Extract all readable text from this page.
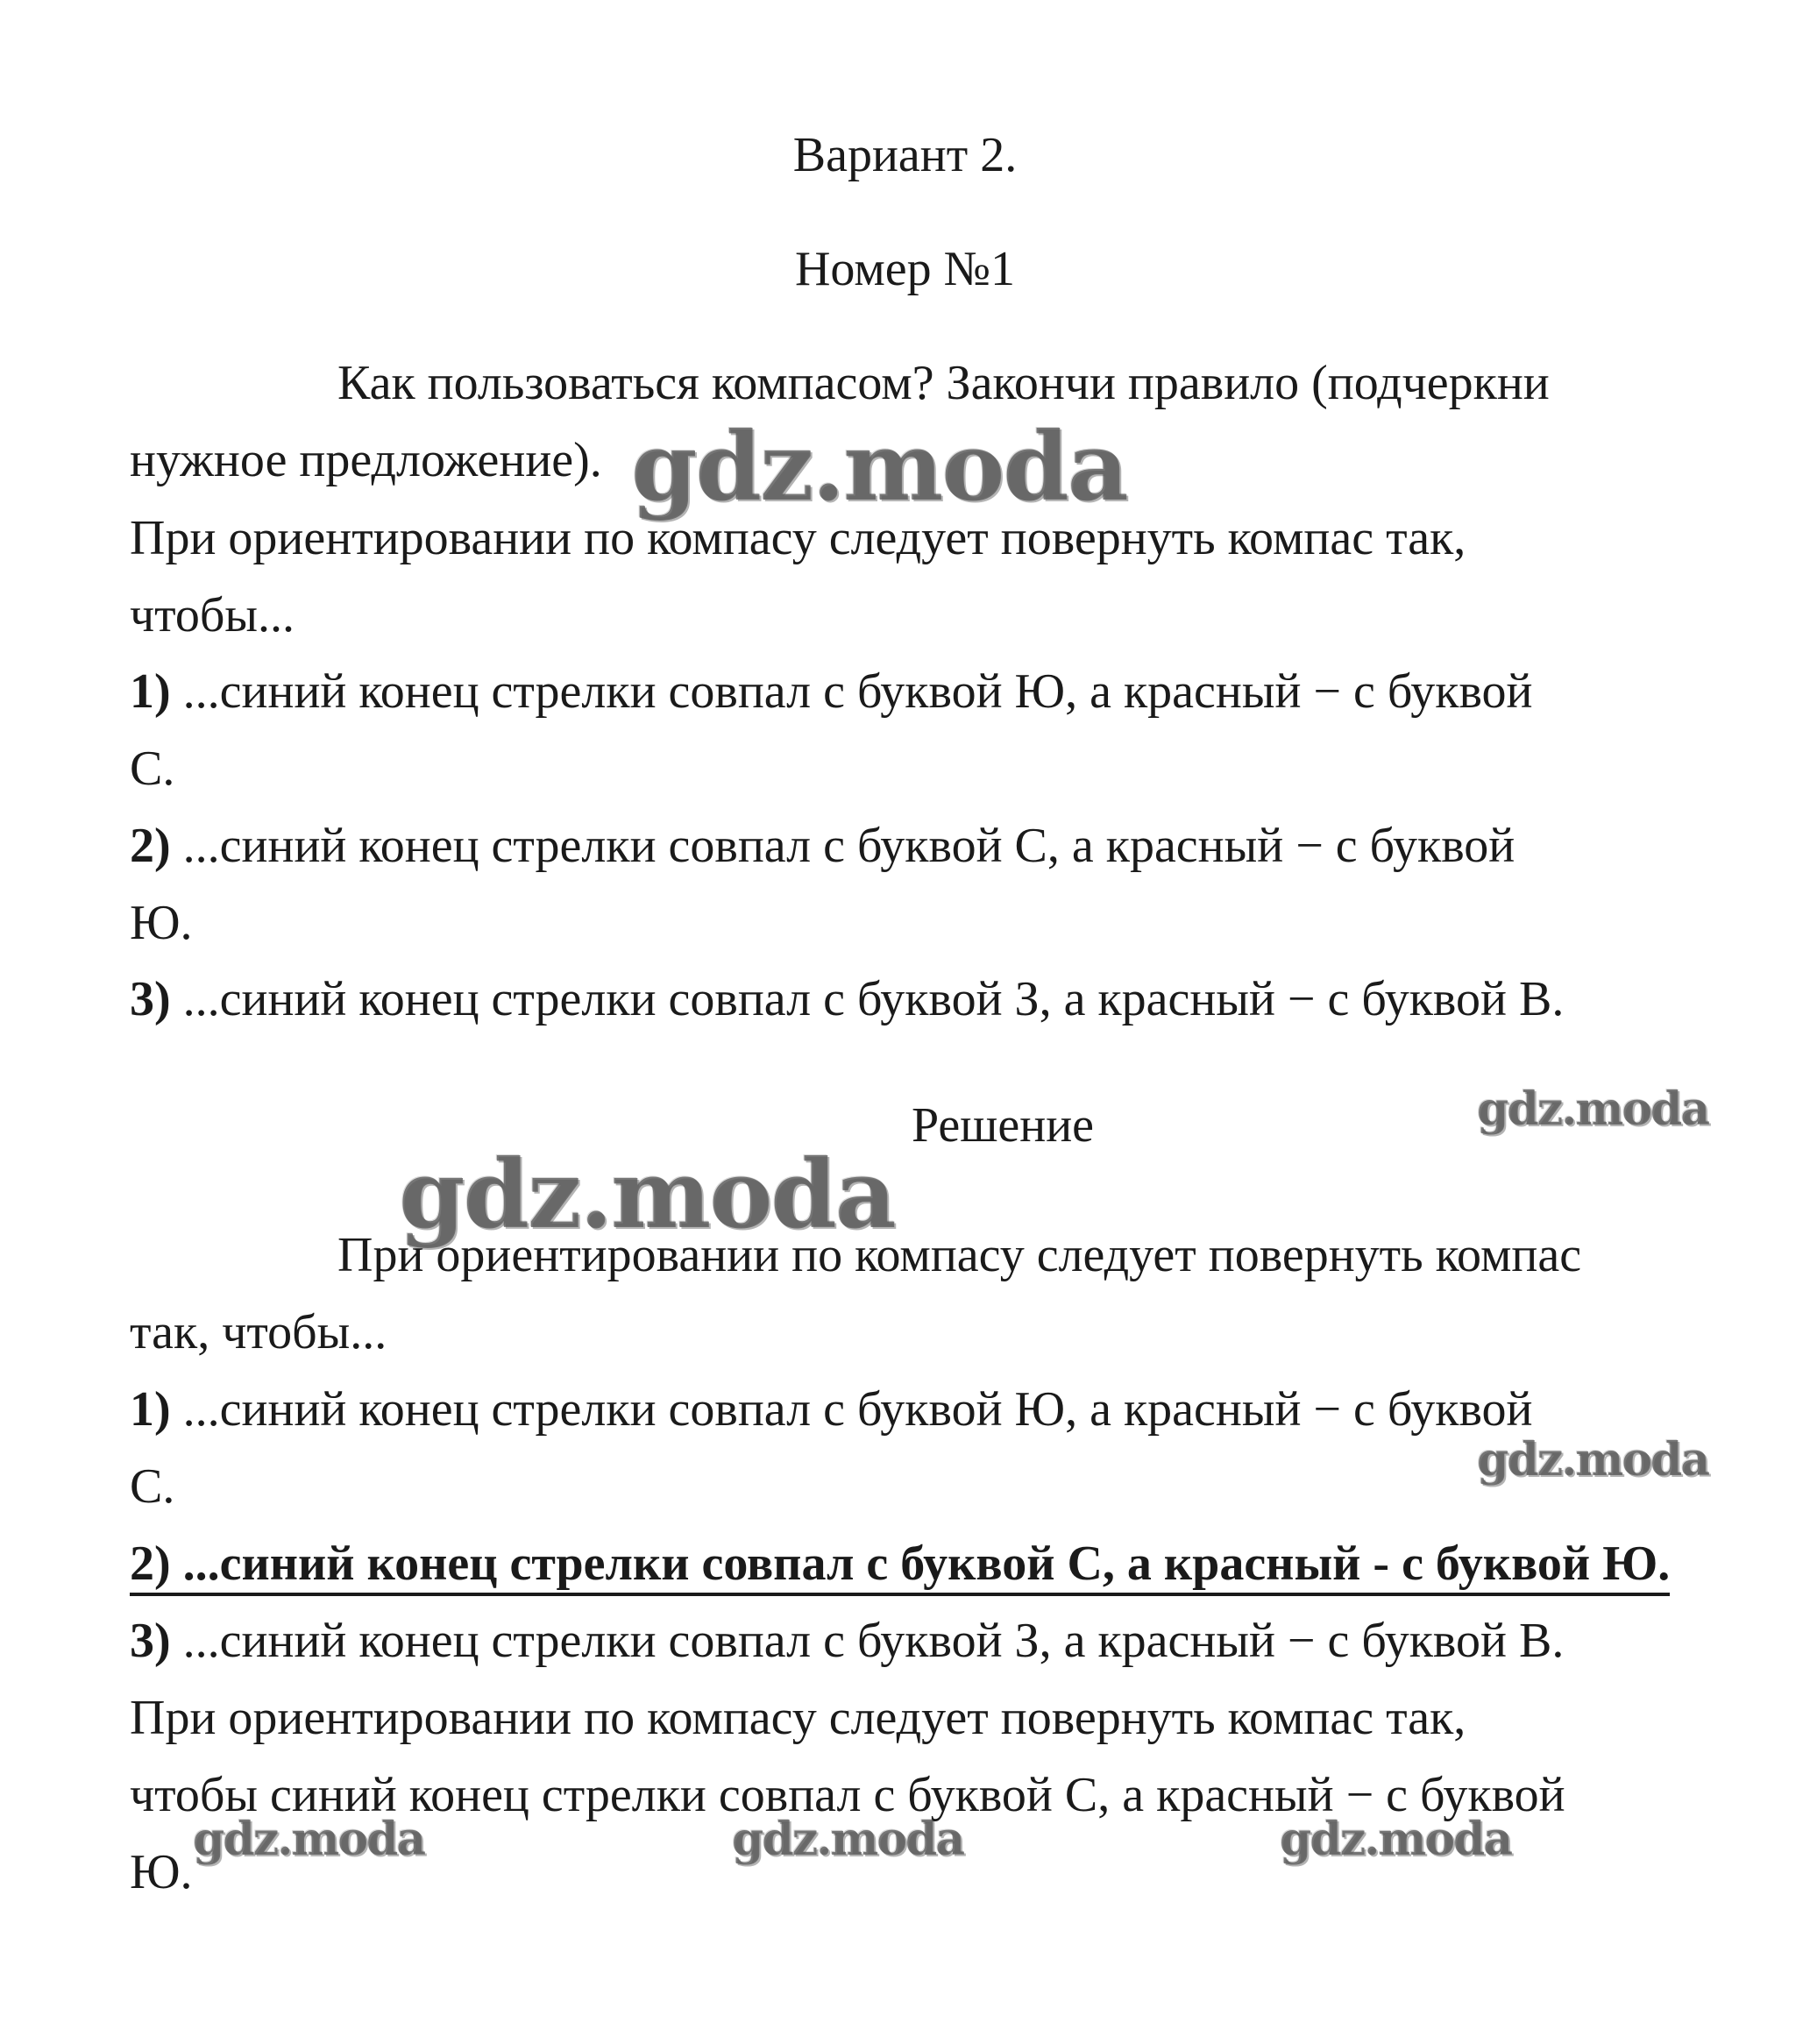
Вариант 2.
Номер №1
Как пользоваться компасом? Закончи правило (подчеркни
нужное предложение).
При ориентировании по компасу следует повернуть компас так,
чтобы...
1) ...синий конец стрелки совпал с буквой Ю, а красный − с буквой
С.
2) ...синий конец стрелки совпал с буквой С, а красный − с буквой
Ю.
3) ...синий конец стрелки совпал с буквой З, а красный − с буквой В.
Решение
При ориентировании по компасу следует повернуть компас
так, чтобы...
1) ...синий конец стрелки совпал с буквой Ю, а красный − с буквой
С.
2) ...синий конец стрелки совпал с буквой С, а красный - с буквой Ю.
3) ...синий конец стрелки совпал с буквой З, а красный − с буквой В.
При ориентировании по компасу следует повернуть компас так,
чтобы синий конец стрелки совпал с буквой С, а красный − с буквой
Ю.
gdz.moda
gdz.moda
gdz.moda
gdz.moda
gdz.moda	gdz.moda	gdz.moda
